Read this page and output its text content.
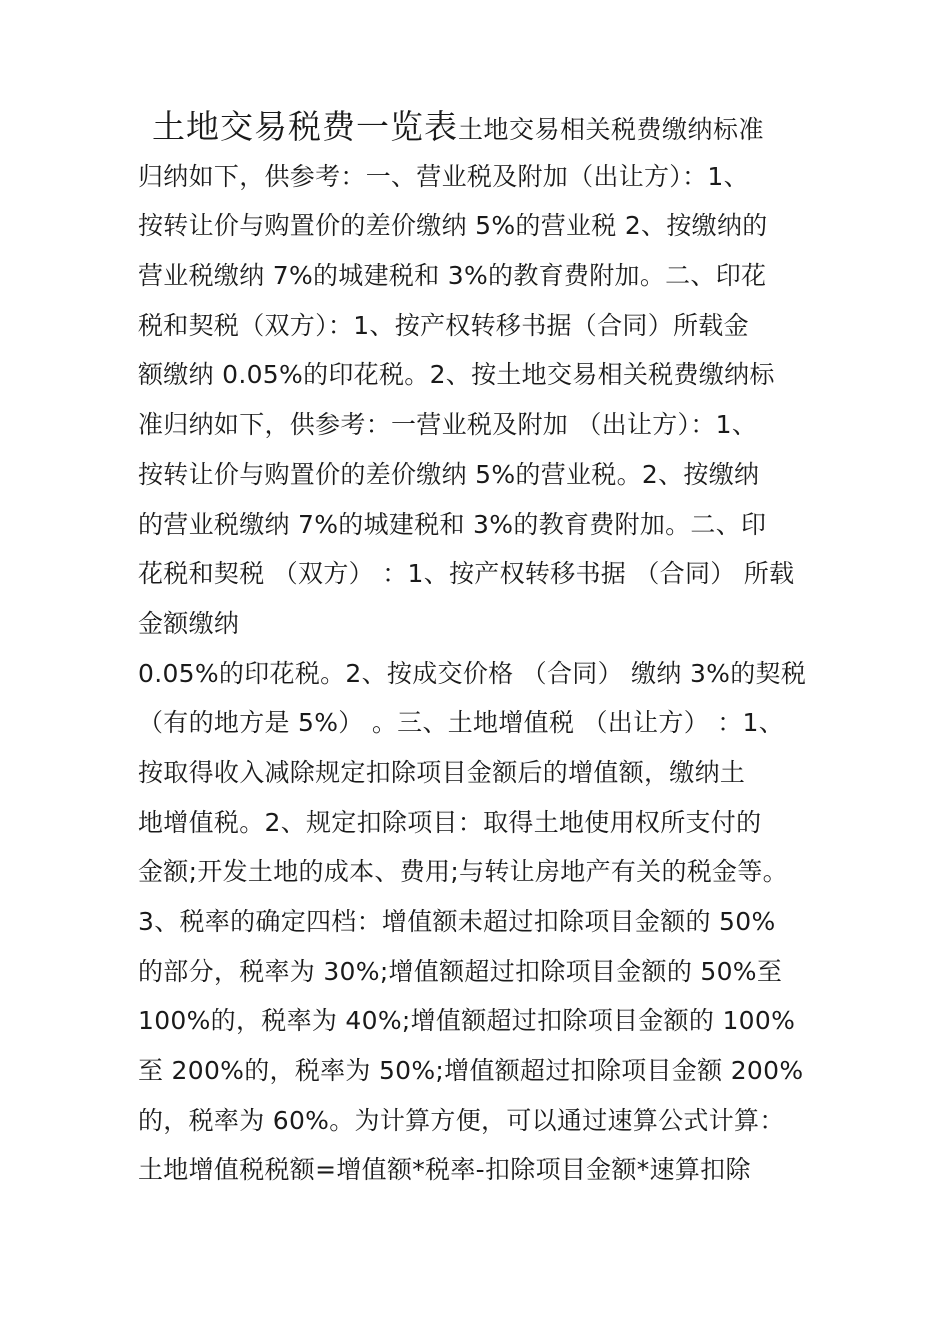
土地交易税费一览表土地交易相关税费缴纳标准
归纳如下，供参考：一、营业税及附加（出让方）：1、
按转让价与购置价的差价缴纳 5%的营业税 2、按缴纳的
营业税缴纳 7%的城建税和 3%的教育费附加。二、印花
税和契税（双方）：1、按产权转移书据（合同）所载金
额缴纳 0.05%的印花税。2、按土地交易相关税费缴纳标
准归纳如下，供参考：一营业税及附加 （出让方）：1、
按转让价与购置价的差价缴纳 5%的营业税。2、按缴纳
的营业税缴纳 7%的城建税和 3%的教育费附加。二、印
花税和契税 （双方） ：1、按产权转移书据 （合同） 所载
金额缴纳
0.05%的印花税。2、按成交价格 （合同） 缴纳 3%的契税
（有的地方是 5%） 。三、土地增值税 （出让方） ：1、
按取得收入减除规定扣除项目金额后的增值额，缴纳土
地增值税。2、规定扣除项目：取得土地使用权所支付的
金额;开发土地的成本、费用;与转让房地产有关的税金等。
3、税率的确定四档：增值额未超过扣除项目金额的 50%
的部分，税率为 30%;增值额超过扣除项目金额的 50%至
100%的，税率为 40%;增值额超过扣除项目金额的 100%
至 200%的，税率为 50%;增值额超过扣除项目金额 200%
的，税率为 60%。为计算方便，可以通过速算公式计算：
土地增值税税额=增值额*税率-扣除项目金额*速算扣除
